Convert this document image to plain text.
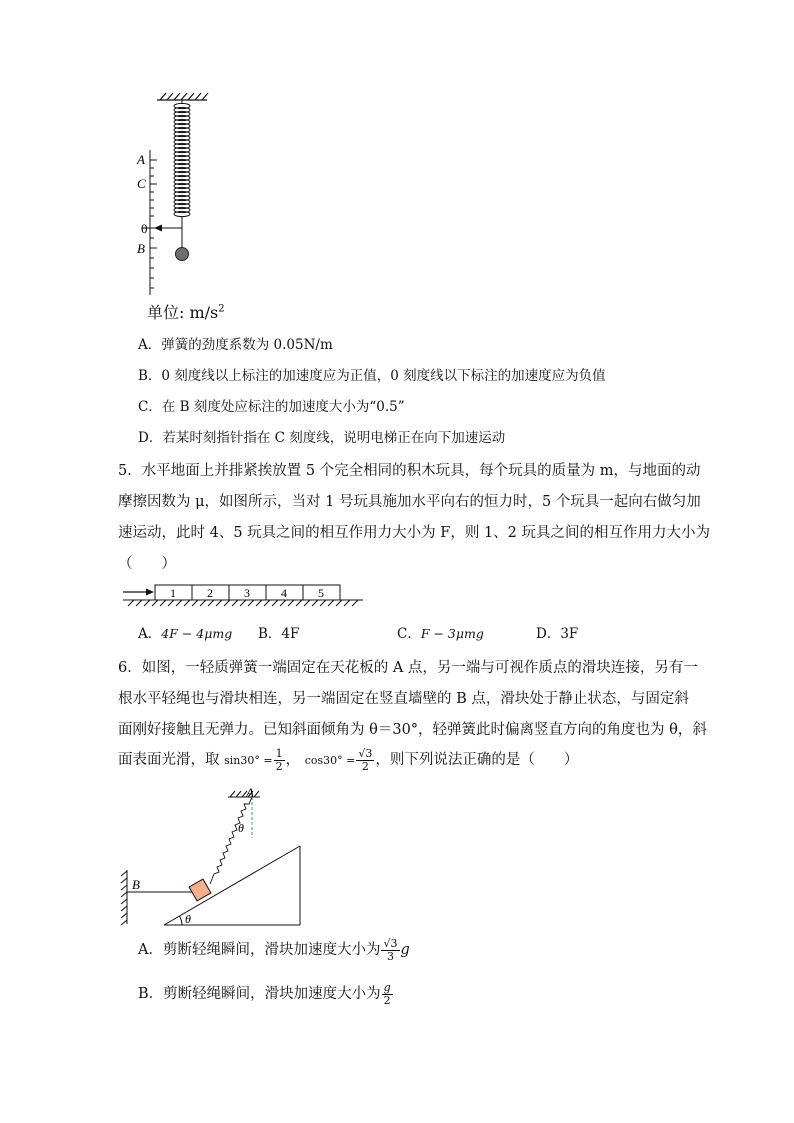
A
C
0
B
单位: $m/s^2$
A．弹簧的劲度系数为 0.05N/m
B．0 刻度线以上标注的加速度应为正值，0 刻度线以下标注的加速度应为负值
C．在 B 刻度处应标注的加速度大小为“0.5”
D．若某时刻指针指在 C 刻度线，说明电梯正在向下加速运动
5．水平地面上并排紧挨放置 5 个完全相同的积木玩具，每个玩具的质量为 m，与地面的动
摩擦因数为 μ，如图所示，当对 1 号玩具施加水平向右的恒力时，5 个玩具一起向右做匀加
速运动，此时 4、5 玩具之间的相互作用力大小为 F，则 1、2 玩具之间的相互作用力大小为
（　　）
1	2	3	4	5
A．4F − 4μmg B．4F	C．F − 3μmg	D．3F
6．如图，一轻质弹簧一端固定在天花板的 A 点，另一端与可视作质点的滑块连接，另有一
根水平轻绳也与滑块相连，另一端固定在竖直墙壁的 B 点，滑块处于静止状态，与固定斜
面刚好接触且无弹力。已知斜面倾角为 θ＝30°，轻弹簧此时偏离竖直方向的角度也为 θ，斜
面表面光滑，取 $\sin 30^\circ = \frac{1}{2}$ ， $\cos 30^\circ = \frac{√3}{2}$ ，则下列说法正确的是（　　）
A
θ
B
θ
A．剪断轻绳瞬间，滑块加速度大小为 $\frac{√3}{3}$ g
B．剪断轻绳瞬间，滑块加速度大小为 $\frac{g}{2}$
